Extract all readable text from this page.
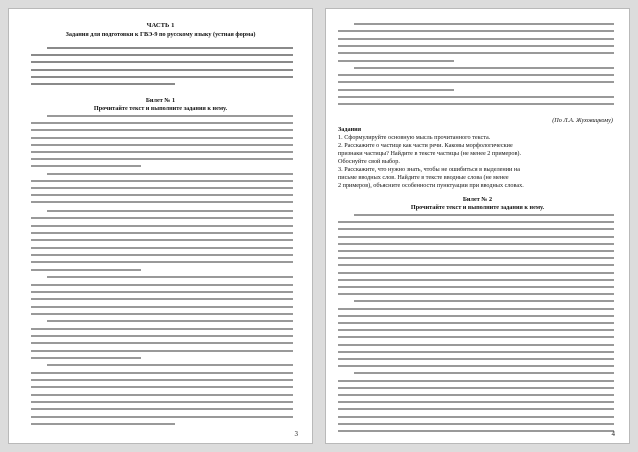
ЧАСТЬ 1
Задания для подготовки к ГВЭ-9 по русскому языку (устная форма)
Билет № 1
Прочитайте текст и выполните задания к нему.
3
(По Л.А. Жуховицкому)
Задания
1. Сформулируйте основную мысль прочитанного текста.
2. Расскажите о частице как части речи. Каковы морфологические
признаки частицы? Найдите в тексте частицы (не менее 2 примеров).
Обоснуйте свой выбор.
3. Расскажите, что нужно знать, чтобы не ошибиться в выделении на
письме вводных слов. Найдите в тексте вводные слова (не менее
2 примеров), объясните особенности пунктуации при вводных словах.
Билет № 2
Прочитайте текст и выполните задания к нему.
4
